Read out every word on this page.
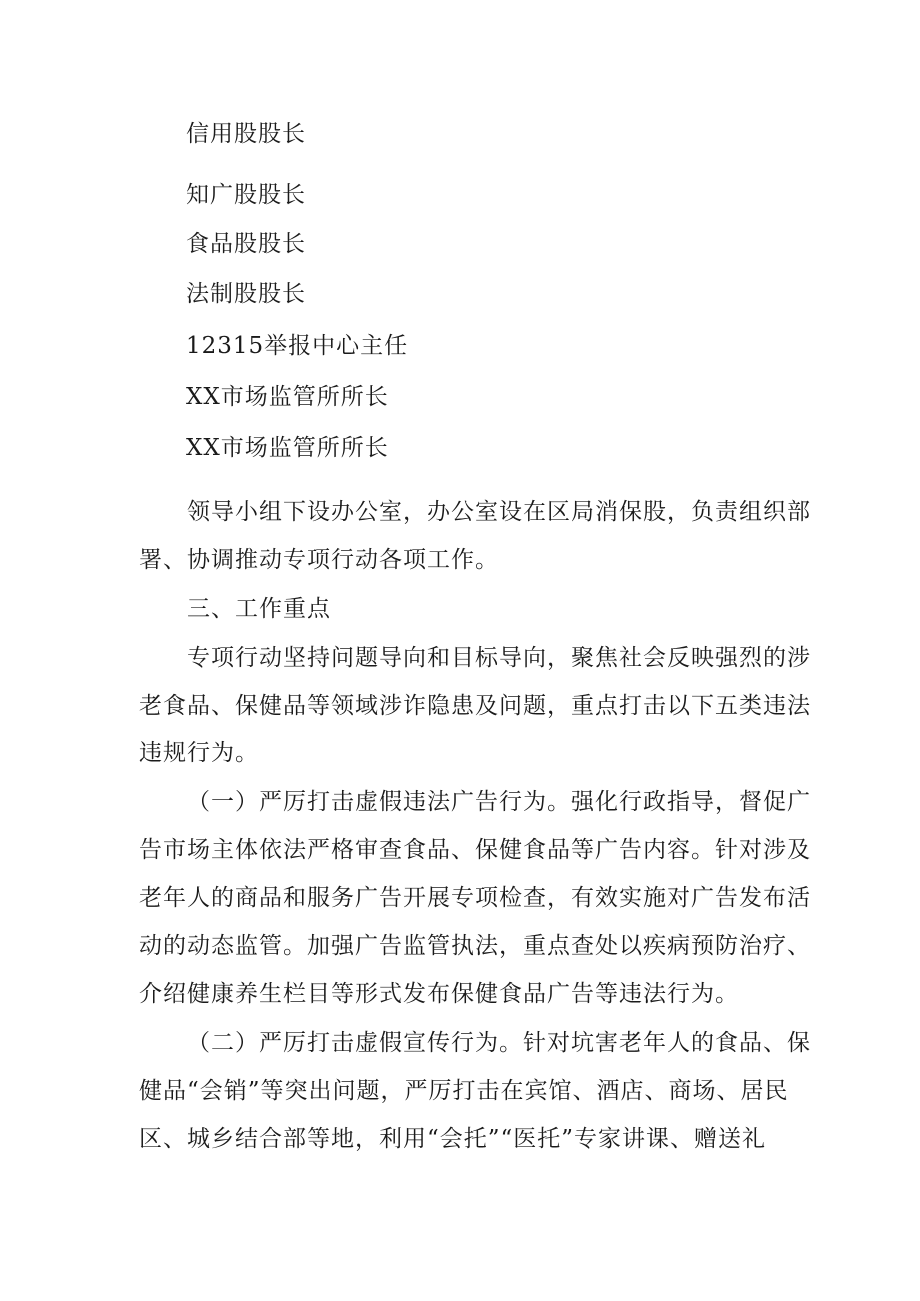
信用股股长
知广股股长
食品股股长
法制股股长
12315举报中心主任
XX市场监管所所长
XX市场监管所所长
领导小组下设办公室，办公室设在区局消保股，负责组织部
署、协调推动专项行动各项工作。
三、工作重点
专项行动坚持问题导向和目标导向，聚焦社会反映强烈的涉
老食品、保健品等领域涉诈隐患及问题，重点打击以下五类违法
违规行为。
（一）严厉打击虚假违法广告行为。强化行政指导，督促广
告市场主体依法严格审查食品、保健食品等广告内容。针对涉及
老年人的商品和服务广告开展专项检查，有效实施对广告发布活
动的动态监管。加强广告监管执法，重点查处以疾病预防治疗、
介绍健康养生栏目等形式发布保健食品广告等违法行为。
（二）严厉打击虚假宣传行为。针对坑害老年人的食品、保
健品“会销”等突出问题，严厉打击在宾馆、酒店、商场、居民
区、城乡结合部等地，利用“会托”“医托”专家讲课、赠送礼
